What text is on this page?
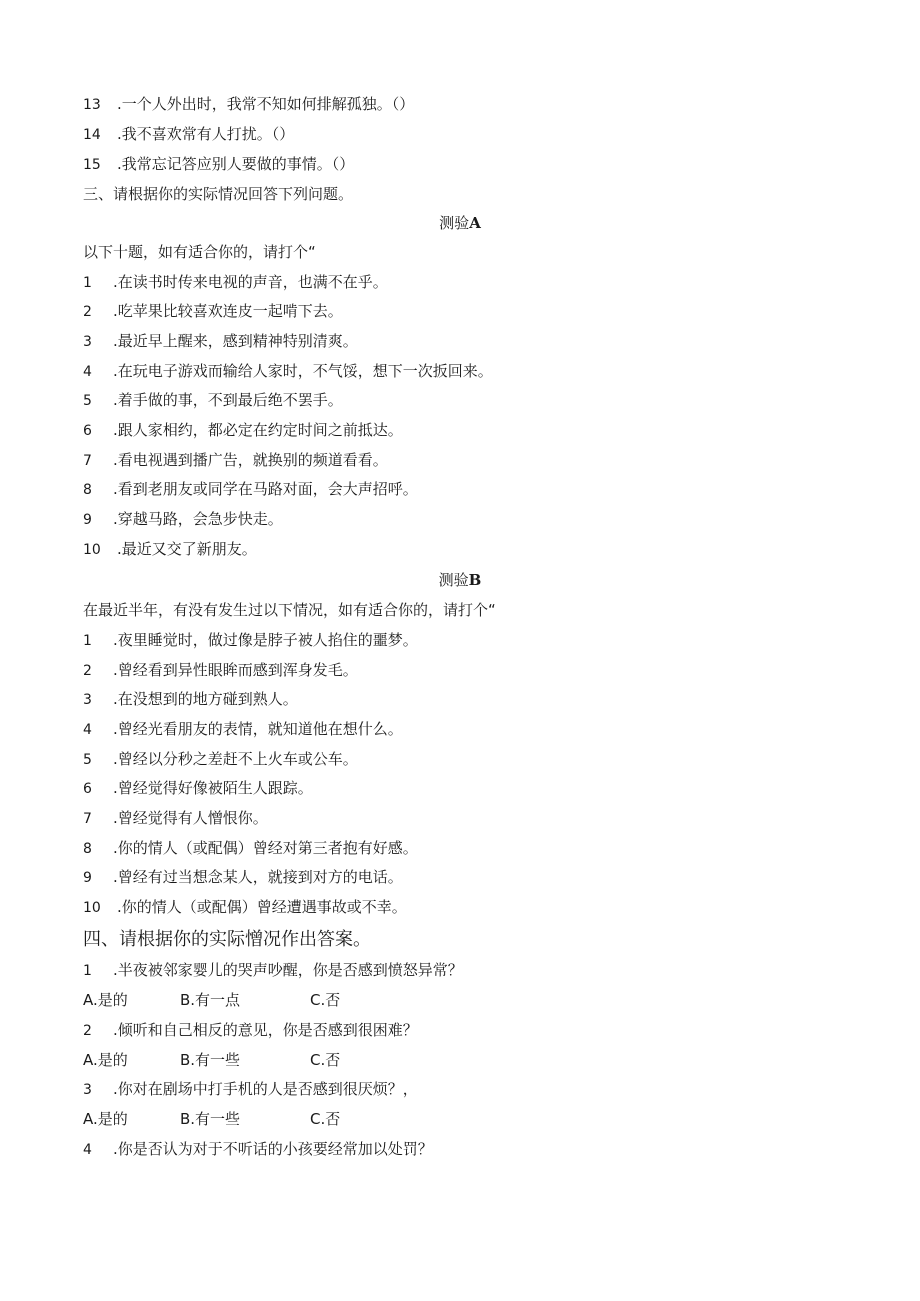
13 .一个人外出时，我常不知如何排解孤独。（）
14 .我不喜欢常有人打扰。（）
15 .我常忘记答应别人要做的事情。（）
三、请根据你的实际情况回答下列问题。
测验A
以下十题，如有适合你的，请打个“
1 .在读书时传来电视的声音，也满不在乎。
2 .吃苹果比较喜欢连皮一起啃下去。
3 .最近早上醒来，感到精神特别清爽。
4 .在玩电子游戏而输给人家时，不气馁，想下一次扳回来。
5 .着手做的事，不到最后绝不罢手。
6 .跟人家相约，都必定在约定时间之前抵达。
7 .看电视遇到播广告，就换别的频道看看。
8 .看到老朋友或同学在马路对面，会大声招呼。
9 .穿越马路，会急步快走。
10 .最近又交了新朋友。
测验B
在最近半年，有没有发生过以下情况，如有适合你的，请打个“
1 .夜里睡觉时，做过像是脖子被人掐住的噩梦。
2 .曾经看到异性眼眸而感到浑身发毛。
3 .在没想到的地方碰到熟人。
4 .曾经光看朋友的表情，就知道他在想什么。
5 .曾经以分秒之差赶不上火车或公车。
6 .曾经觉得好像被陌生人跟踪。
7 .曾经觉得有人憎恨你。
8 .你的情人（或配偶）曾经对第三者抱有好感。
9 .曾经有过当想念某人，就接到对方的电话。
10 .你的情人（或配偶）曾经遭遇事故或不幸。
四、请根据你的实际憎况作出答案。
1 .半夜被邻家婴儿的哭声吵醒，你是否感到愤怒异常？
A.是的	B.有一点	C.否
2 .倾听和自己相反的意见，你是否感到很困难？
A.是的	B.有一些	C.否
3 .你对在剧场中打手机的人是否感到很厌烦？，
A.是的	B.有一些	C.否
4 .你是否认为对于不听话的小孩要经常加以处罚？
